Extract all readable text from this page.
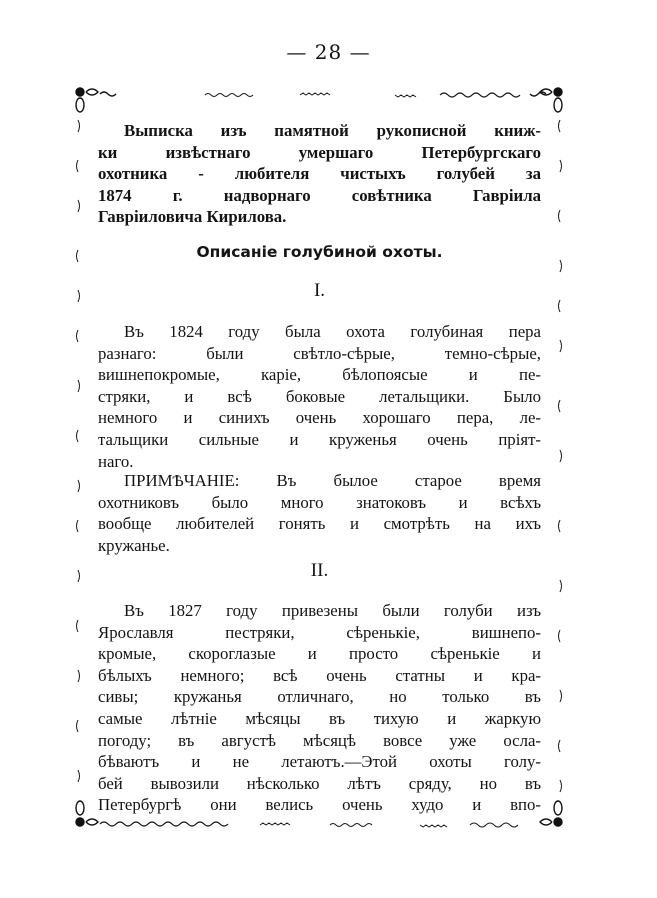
— 28 —
Выписка изъ памятной рукописной книж-
ки извѣстнаго умершаго Петербургскаго
охотника - любителя чистыхъ голубей за
1874 г. надворнаго совѣтника Гавріила
Гавріиловича Кирилова.
Описаніе голубиной охоты.
I.
Въ 1824 году была охота голубиная пера
разнаго: были свѣтло-сѣрые, темно-сѣрые,
вишнепокромые, каріе, бѣлопоясые и пе-
стряки, и всѣ боковые летальщики. Было
немного и синихъ очень хорошаго пера, ле-
тальщики сильные и круженья очень пріят-
наго.
ПРИМѢЧАНІЕ: Въ былое старое время
охотниковъ было много знатоковъ и всѣхъ
вообще любителей гонять и смотрѣть на ихъ
кружанье.
II.
Въ 1827 году привезены были голуби изъ
Ярославля пестряки, сѣренькіе, вишнепо-
кромые, скороглазые и просто сѣренькіе и
бѣлыхъ немного; всѣ очень статны и кра-
сивы; кружанья отличнаго, но только въ
самые лѣтніе мѣсяцы въ тихую и жаркую
погоду; въ августѣ мѣсяцѣ вовсе уже осла-
бѣваютъ и не летаютъ.—Этой охоты голу-
бей вывозили нѣсколько лѣтъ сряду, но въ
Петербургѣ они велись очень худо и впо-
